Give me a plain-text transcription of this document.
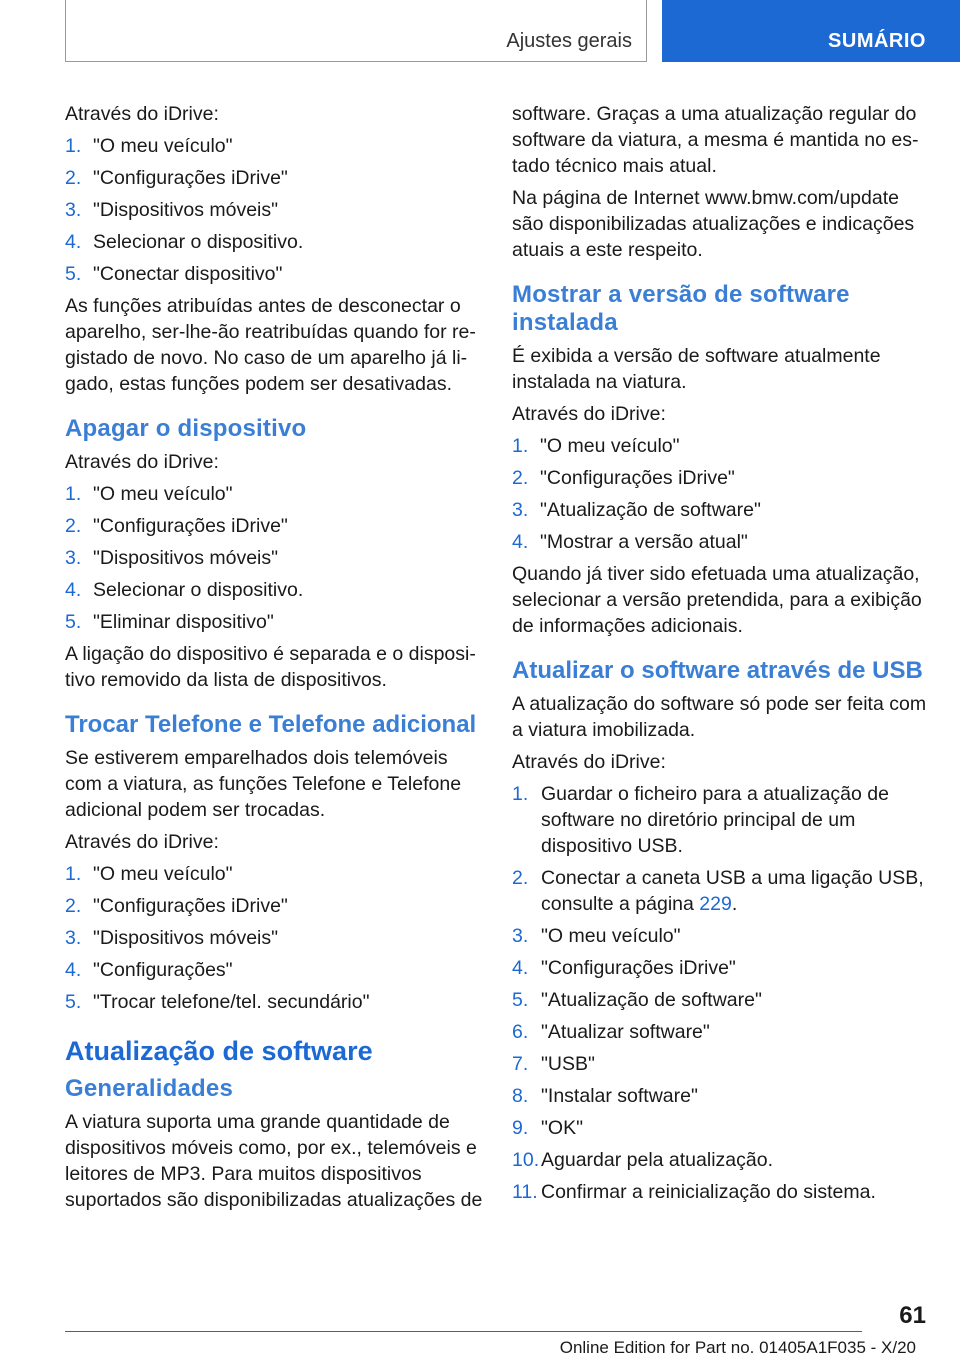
Ajustes gerais	SUMÁRIO

Através do iDrive:

1. "O meu veículo"
2. "Configurações iDrive"
3. "Dispositivos móveis"
4. Selecionar o dispositivo.
5. "Conectar dispositivo"

As funções atribuídas antes de desconectar o aparelho, ser-lhe-ão reatribuídas quando for registado de novo. No caso de um aparelho já ligado, estas funções podem ser desativadas.

Apagar o dispositivo

Através do iDrive:

1. "O meu veículo"
2. "Configurações iDrive"
3. "Dispositivos móveis"
4. Selecionar o dispositivo.
5. "Eliminar dispositivo"

A ligação do dispositivo é separada e o dispositivo removido da lista de dispositivos.

Trocar Telefone e Telefone adicional

Se estiverem emparelhados dois telemóveis com a viatura, as funções Telefone e Telefone adicional podem ser trocadas.

Através do iDrive:

1. "O meu veículo"
2. "Configurações iDrive"
3. "Dispositivos móveis"
4. "Configurações"
5. "Trocar telefone/tel. secundário"
Atualização de software
Generalidades

A viatura suporta uma grande quantidade de dispositivos móveis como, por ex., telemóveis e leitores de MP3. Para muitos dispositivos suportados são disponibilizadas atualizações de

software. Graças a uma atualização regular do software da viatura, a mesma é mantida no estado técnico mais atual.

Na página de Internet www.bmw.com/update são disponibilizadas atualizações e indicações atuais a este respeito.

Mostrar a versão de software instalada

É exibida a versão de software atualmente instalada na viatura.

Através do iDrive:

1. "O meu veículo"
2. "Configurações iDrive"
3. "Atualização de software"
4. "Mostrar a versão atual"

Quando já tiver sido efetuada uma atualização, selecionar a versão pretendida, para a exibição de informações adicionais.

Atualizar o software através de USB

A atualização do software só pode ser feita com a viatura imobilizada.

Através do iDrive:

1. Guardar o ficheiro para a atualização de software no diretório principal de um dispositivo USB.
2. Conectar a caneta USB a uma ligação USB, consulte a página 229.
3. "O meu veículo"
4. "Configurações iDrive"
5. "Atualização de software"
6. "Atualizar software"
7. "USB"
8. "Instalar software"
9. "OK"
10. Aguardar pela atualização.
11. Confirmar a reinicialização do sistema.
61
Online Edition for Part no. 01405A1F035 - X/20
